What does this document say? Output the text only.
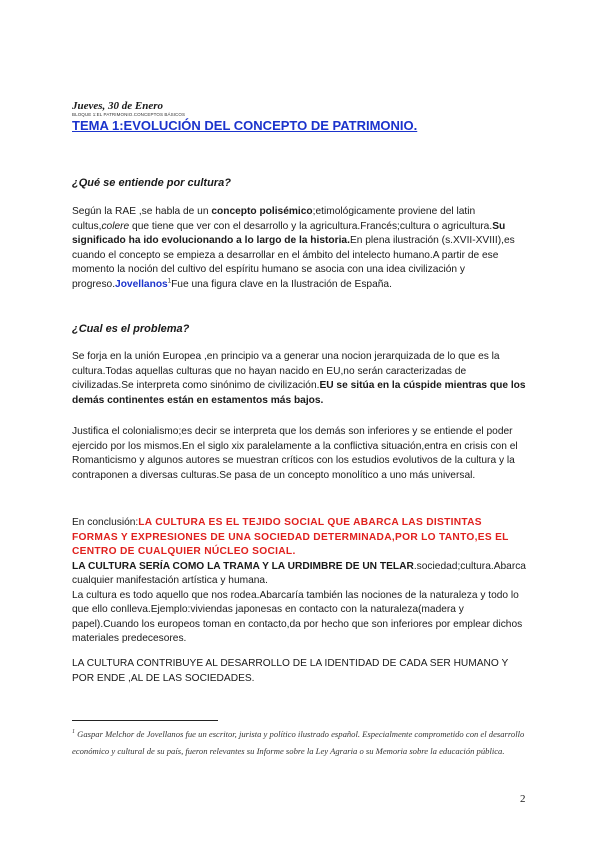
Jueves, 30 de Enero

BLOQUE 1:EL PATRIMONIO.CONCEPTOS BÁSICOS

TEMA 1:EVOLUCIÓN DEL CONCEPTO DE PATRIMONIO.

¿Qué se entiende por cultura?

Según la RAE ,se habla de un concepto polisémico;etimológicamente proviene del latin cultus,colere que tiene que ver con el desarrollo y la agricultura.Francés;cultura o agricultura.Su significado ha ido evolucionando a lo largo de la historia.En plena ilustración (s.XVII-XVIII),es cuando el concepto se empieza a desarrollar en el ámbito del intelecto humano.A partir de ese momento la noción del cultivo del espíritu humano se asocia con una idea civilización y progreso.Jovellanos$^1$Fue una figura clave en la Ilustración de España.

¿Cual es el problema?

Se forja en la unión Europea ,en principio va a generar una nocion jerarquizada de lo que es la cultura.Todas aquellas culturas que no hayan nacido en EU,no serán caracterizadas de civilizadas.Se interpreta como sinónimo de civilización.EU se sitúa en la cúspide mientras que los demás continentes están en estamentos más bajos.

Justifica el colonialismo;es decir se interpreta que los demás son inferiores y se entiende el poder ejercido por los mismos.En el siglo xix paralelamente a la conflictiva situación,entra en crisis con el Romanticismo y algunos autores se muestran críticos con los estudios evolutivos de la cultura y la contraponen a diversas culturas.Se pasa de un concepto monolítico a uno más universal.

En conclusión:LA CULTURA ES EL TEJIDO SOCIAL QUE ABARCA LAS DISTINTAS FORMAS Y EXPRESIONES DE UNA SOCIEDAD DETERMINADA,POR LO TANTO,ES EL CENTRO DE CUALQUIER NÚCLEO SOCIAL.
LA CULTURA SERÍA COMO LA TRAMA Y LA URDIMBRE DE UN TELAR.sociedad;cultura.Abarca cualquier manifestación artística y humana.
La cultura es todo aquello que nos rodea.Abarcaría también las nociones de la naturaleza y todo lo que ello conlleva.Ejemplo:viviendas japonesas en contacto con la naturaleza(madera y papel).Cuando los europeos toman en contacto,da por hecho que son inferiores por emplear dichos materiales predecesores.

LA CULTURA CONTRIBUYE AL DESARROLLO DE LA IDENTIDAD DE CADA SER HUMANO Y POR ENDE ,AL DE LAS SOCIEDADES.

$^1$ Gaspar Melchor de Jovellanos fue un escritor, jurista y político ilustrado español. Especialmente comprometido con el desarrollo económico y cultural de su país, fueron relevantes su Informe sobre la Ley Agraria o su Memoria sobre la educación pública.

2
